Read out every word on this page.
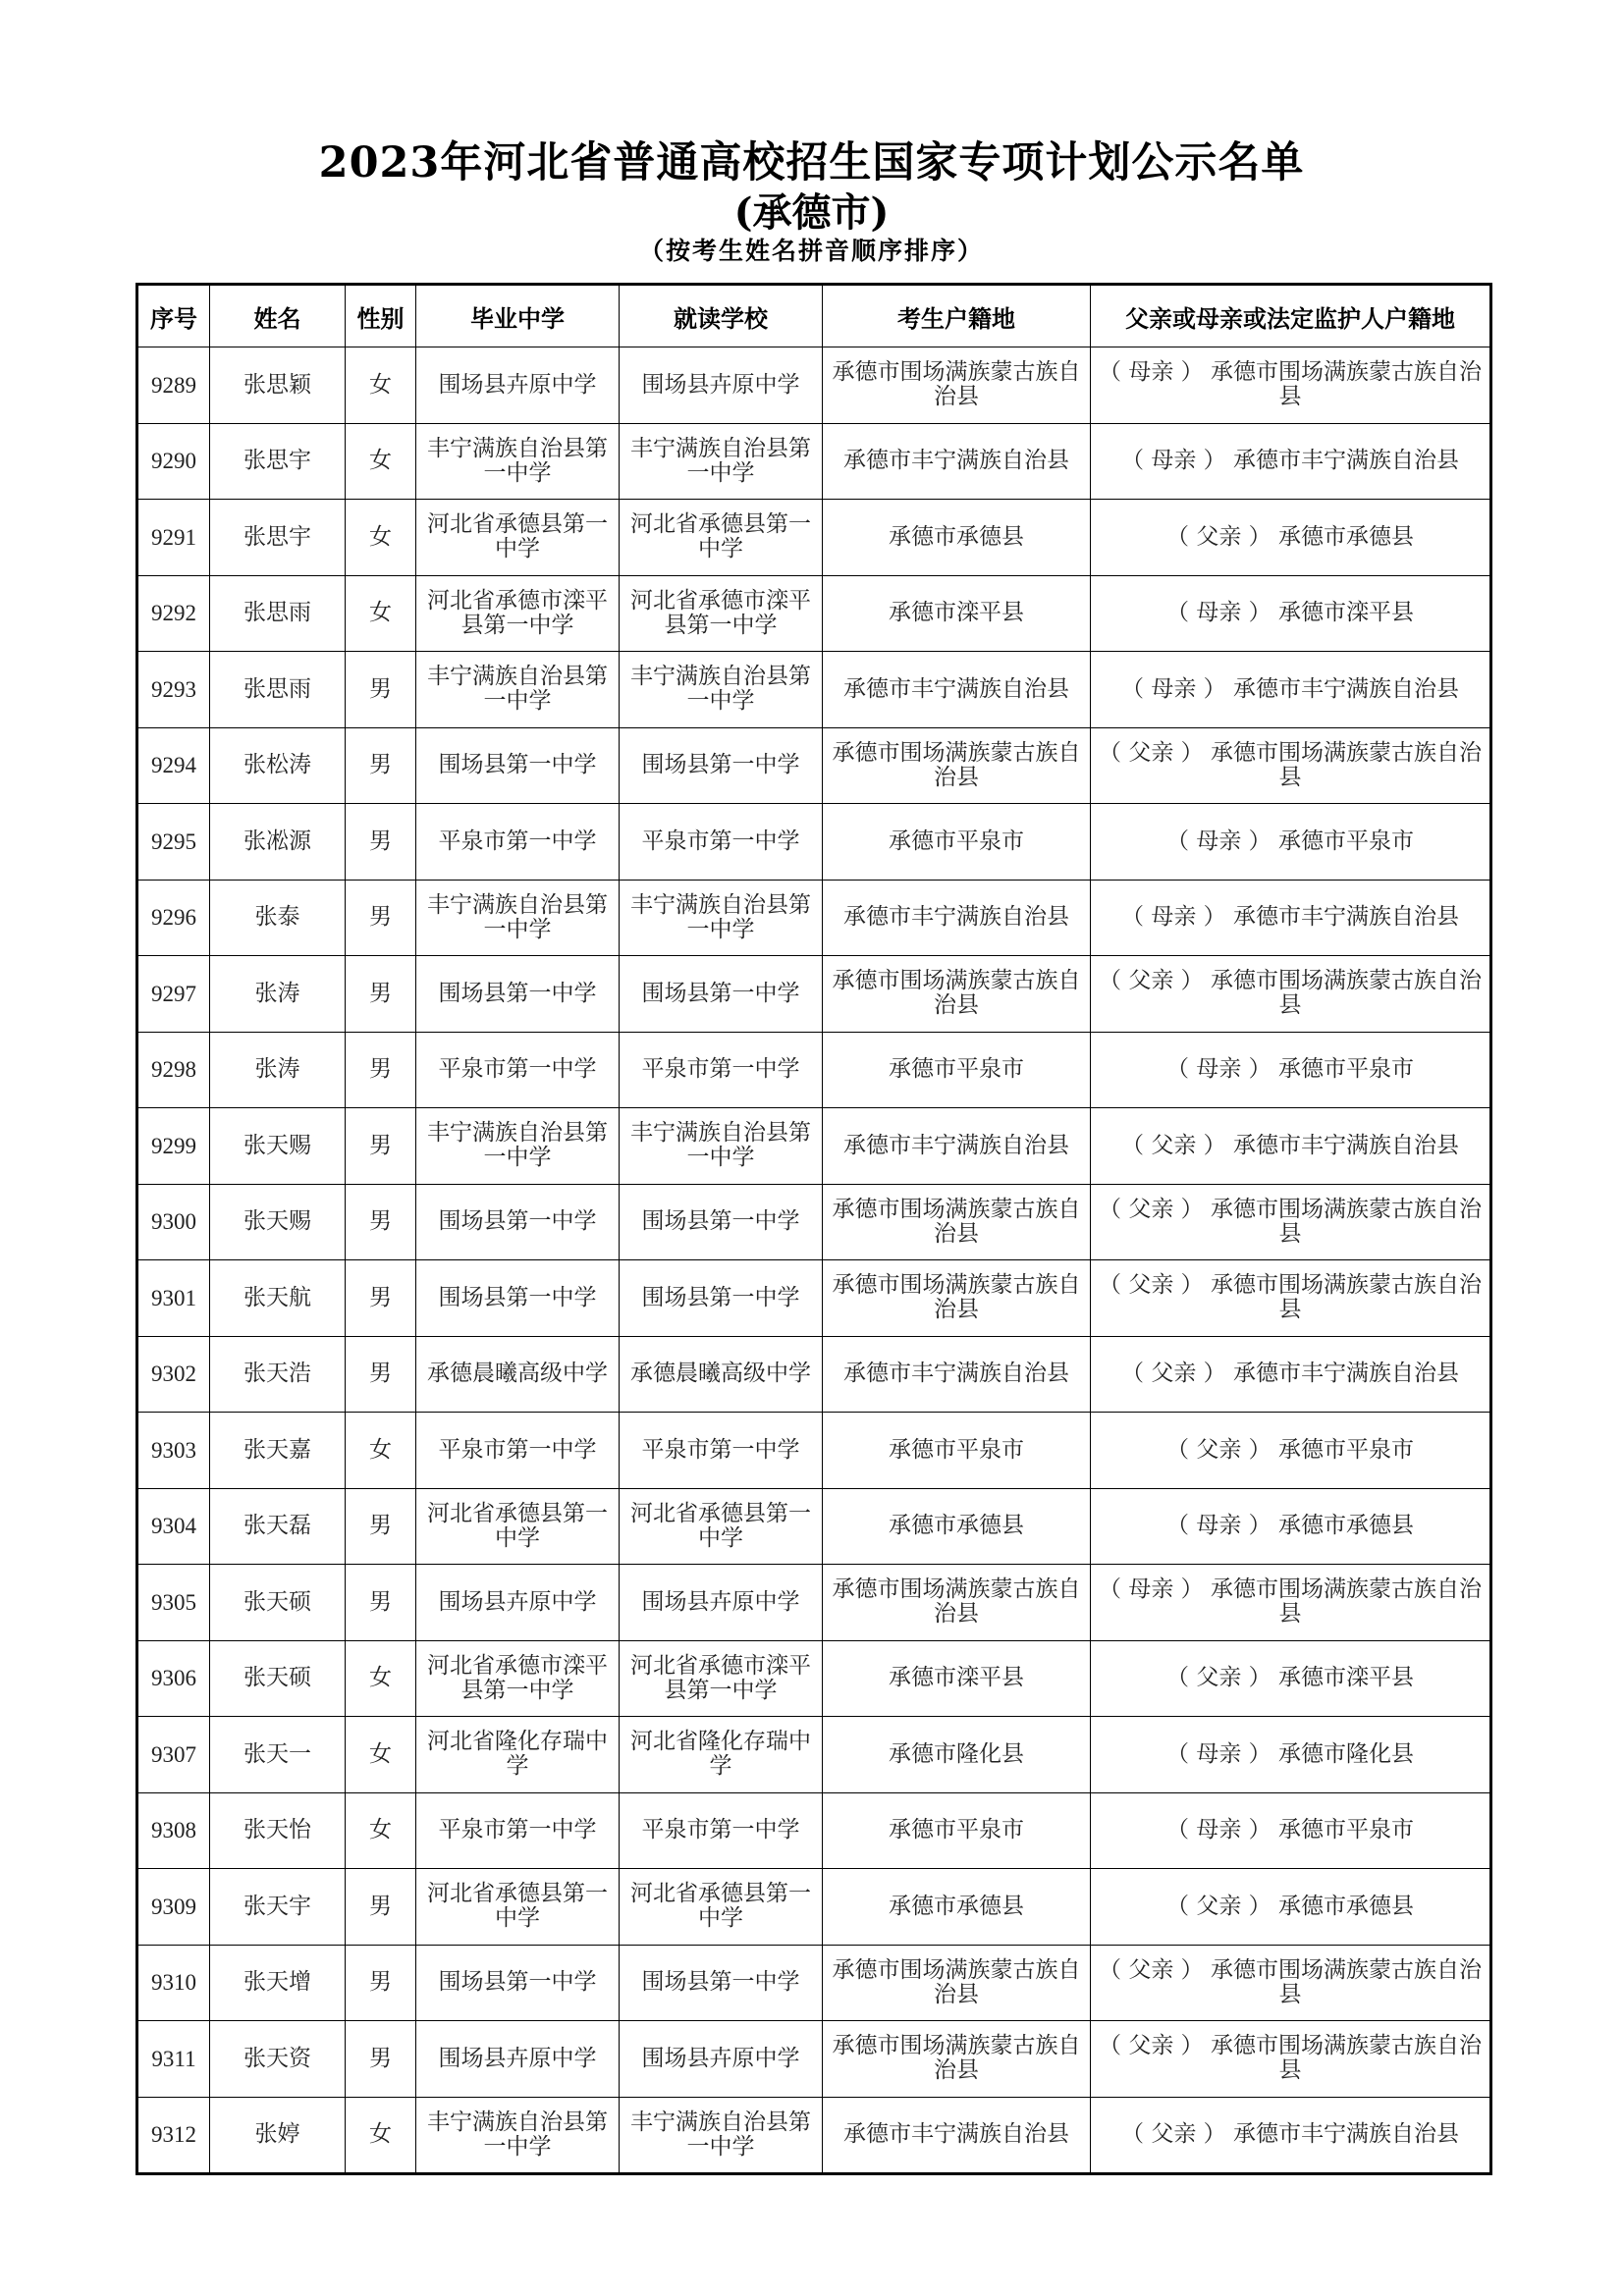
2023年河北省普通高校招生国家专项计划公示名单
(承德市)
（按考生姓名拼音顺序排序）
序号	姓名	性别	毕业中学	就读学校	考生户籍地	父亲或母亲或法定监护人户籍地
9289	张思颖	女	围场县卉原中学	围场县卉原中学	承德市围场满族蒙古族自治县	（ 母亲 ） 承德市围场满族蒙古族自治县
9290	张思宇	女	丰宁满族自治县第一中学	丰宁满族自治县第一中学	承德市丰宁满族自治县	（ 母亲 ） 承德市丰宁满族自治县
9291	张思宇	女	河北省承德县第一中学	河北省承德县第一中学	承德市承德县	（ 父亲 ） 承德市承德县
9292	张思雨	女	河北省承德市滦平县第一中学	河北省承德市滦平县第一中学	承德市滦平县	（ 母亲 ） 承德市滦平县
9293	张思雨	男	丰宁满族自治县第一中学	丰宁满族自治县第一中学	承德市丰宁满族自治县	（ 母亲 ） 承德市丰宁满族自治县
9294	张松涛	男	围场县第一中学	围场县第一中学	承德市围场满族蒙古族自治县	（ 父亲 ） 承德市围场满族蒙古族自治县
9295	张凇源	男	平泉市第一中学	平泉市第一中学	承德市平泉市	（ 母亲 ） 承德市平泉市
9296	张泰	男	丰宁满族自治县第一中学	丰宁满族自治县第一中学	承德市丰宁满族自治县	（ 母亲 ） 承德市丰宁满族自治县
9297	张涛	男	围场县第一中学	围场县第一中学	承德市围场满族蒙古族自治县	（ 父亲 ） 承德市围场满族蒙古族自治县
9298	张涛	男	平泉市第一中学	平泉市第一中学	承德市平泉市	（ 母亲 ） 承德市平泉市
9299	张天赐	男	丰宁满族自治县第一中学	丰宁满族自治县第一中学	承德市丰宁满族自治县	（ 父亲 ） 承德市丰宁满族自治县
9300	张天赐	男	围场县第一中学	围场县第一中学	承德市围场满族蒙古族自治县	（ 父亲 ） 承德市围场满族蒙古族自治县
9301	张天航	男	围场县第一中学	围场县第一中学	承德市围场满族蒙古族自治县	（ 父亲 ） 承德市围场满族蒙古族自治县
9302	张天浩	男	承德晨曦高级中学	承德晨曦高级中学	承德市丰宁满族自治县	（ 父亲 ） 承德市丰宁满族自治县
9303	张天嘉	女	平泉市第一中学	平泉市第一中学	承德市平泉市	（ 父亲 ） 承德市平泉市
9304	张天磊	男	河北省承德县第一中学	河北省承德县第一中学	承德市承德县	（ 母亲 ） 承德市承德县
9305	张天硕	男	围场县卉原中学	围场县卉原中学	承德市围场满族蒙古族自治县	（ 母亲 ） 承德市围场满族蒙古族自治县
9306	张天硕	女	河北省承德市滦平县第一中学	河北省承德市滦平县第一中学	承德市滦平县	（ 父亲 ） 承德市滦平县
9307	张天一	女	河北省隆化存瑞中学	河北省隆化存瑞中学	承德市隆化县	（ 母亲 ） 承德市隆化县
9308	张天怡	女	平泉市第一中学	平泉市第一中学	承德市平泉市	（ 母亲 ） 承德市平泉市
9309	张天宇	男	河北省承德县第一中学	河北省承德县第一中学	承德市承德县	（ 父亲 ） 承德市承德县
9310	张天增	男	围场县第一中学	围场县第一中学	承德市围场满族蒙古族自治县	（ 父亲 ） 承德市围场满族蒙古族自治县
9311	张天资	男	围场县卉原中学	围场县卉原中学	承德市围场满族蒙古族自治县	（ 父亲 ） 承德市围场满族蒙古族自治县
9312	张婷	女	丰宁满族自治县第一中学	丰宁满族自治县第一中学	承德市丰宁满族自治县	（ 父亲 ） 承德市丰宁满族自治县
